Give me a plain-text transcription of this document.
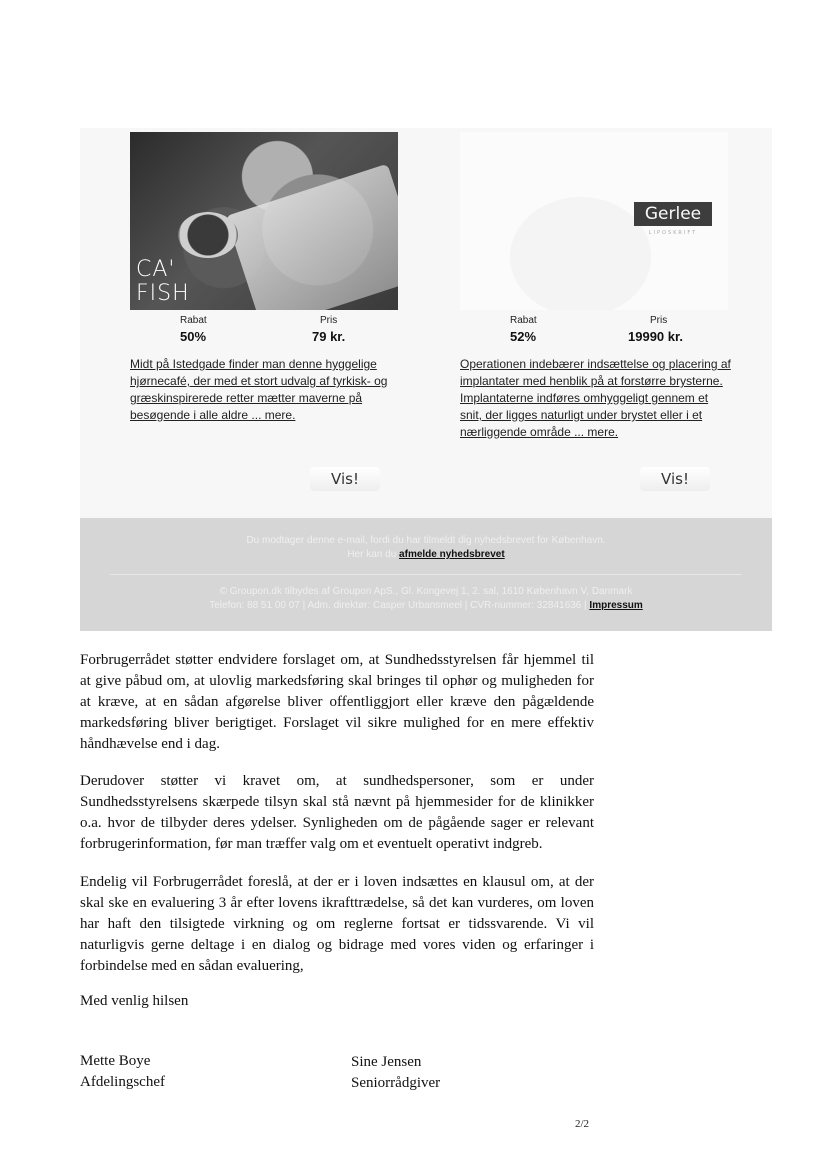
CA'
FISH
Rabat
50%
Pris
79 kr.
Midt på Istedgade finder man denne hyggelige hjørnecafé, der med et stort udvalg af tyrkisk- og græskinspirerede retter mætter maverne på besøgende i alle aldre ... mere.
Vis!
Gerlee
LIPOSKRIFT
Rabat
52%
Pris
19990 kr.
Operationen indebærer indsættelse og placering af implantater med henblik på at forstørre brysterne. Implantaterne indføres omhyggeligt gennem et snit, der ligges naturligt under brystet eller i et nærliggende område ... mere.
Vis!
Du modtager denne e-mail, fordi du har tilmeldt dig nyhedsbrevet for København.
Her kan du afmelde nyhedsbrevet
© Groupon.dk tilbydes af Groupon ApS., Gl. Kongevej 1, 2. sal, 1610 København V, Danmark
Telefon: 88 51 00 07 | Adm. direktør: Casper Urbansmeel | CVR-nummer: 32841636 | Impressum

Forbrugerrådet støtter endvidere forslaget om, at Sundhedsstyrelsen får hjemmel til at give påbud om, at ulovlig markedsføring skal bringes til ophør og muligheden for at kræve, at en sådan afgørelse bliver offentliggjort eller kræve den pågældende markedsføring bliver berigtiget. Forslaget vil sikre mulighed for en mere effektiv håndhævelse end i dag.

Derudover støtter vi kravet om, at sundhedspersoner, som er under Sundhedsstyrelsens skærpede tilsyn skal stå nævnt på hjemmesider for de klinikker o.a. hvor de tilbyder deres ydelser. Synligheden om de pågående sager er relevant forbrugerinformation, før man træffer valg om et eventuelt operativt indgreb.

Endelig vil Forbrugerrådet foreslå, at der er i loven indsættes en klausul om, at der skal ske en evaluering 3 år efter lovens ikrafttrædelse, så det kan vurderes, om loven har haft den tilsigtede virkning og om reglerne fortsat er tidssvarende. Vi vil naturligvis gerne deltage i en dialog og bidrage med vores viden og erfaringer i forbindelse med en sådan evaluering,

Med venlig hilsen
Mette Boye
Afdelingschef
Sine Jensen
Seniorrådgiver
2/2
